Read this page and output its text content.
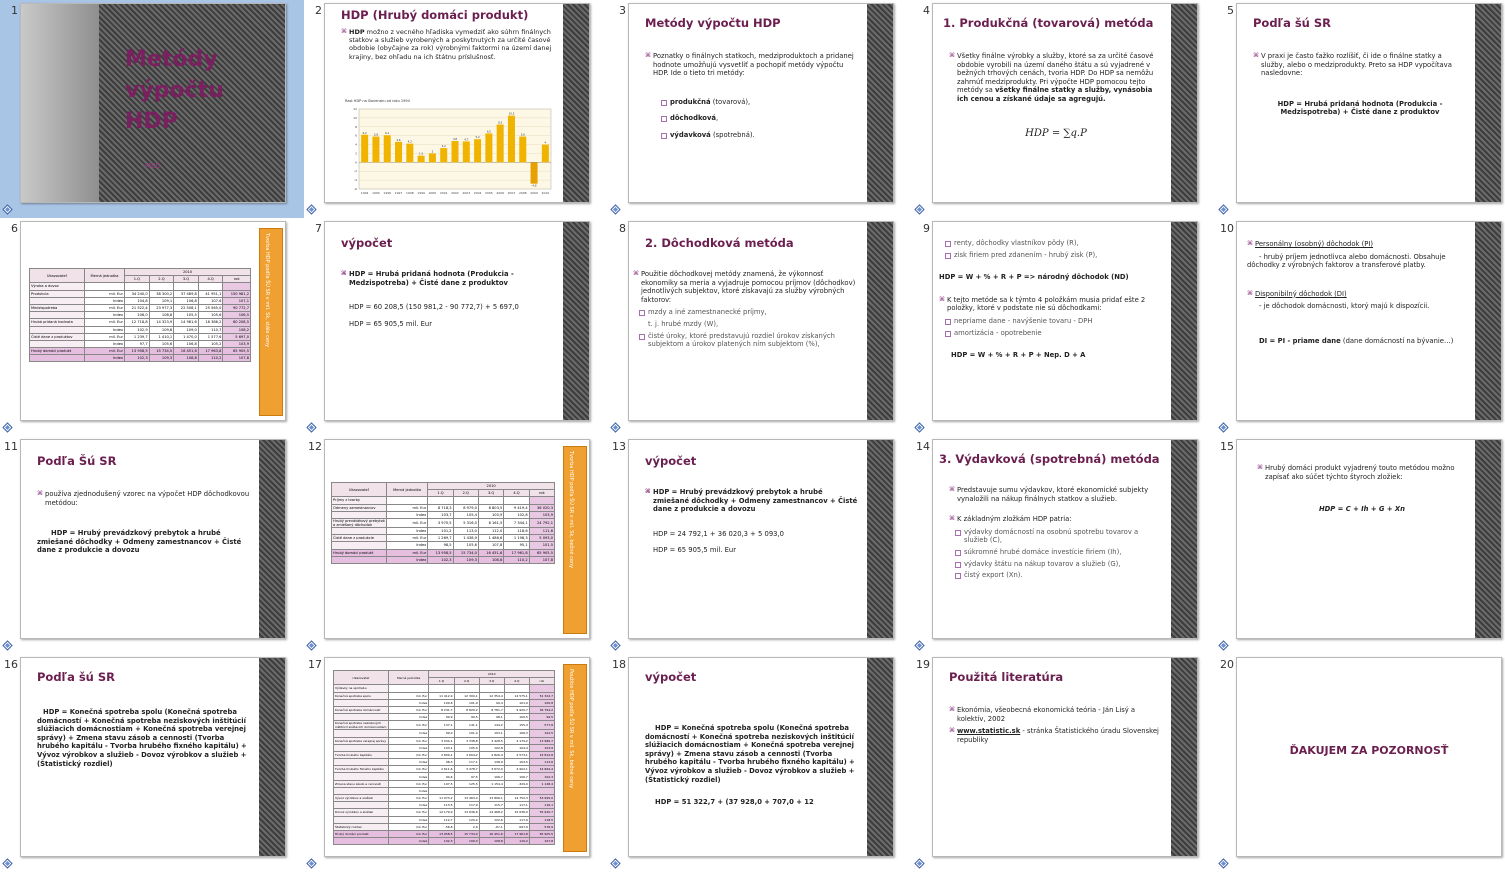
1
Metódy výpočtu HDP
MED
2 HDP (Hrubý domáci produkt)
⌘ HDP možno z vecného hľadiska vymedziť ako súhrn finálnych statkov a služieb vyrobených a poskytnutých za určité časové obdobie (obyčajne za rok) výrobnými faktormi na území danej krajiny, bez ohľadu na ich štátnu príslušnosť.
Rast HDP na Slovensku od roku 1994
-6
-4
-2
0
2
4
6
8
10
12
6,2
1994
5,8
1995
6,1
1996
4,6
1997
4,2
1998
1,5
1999
2
2000
3,2
2001
4,8
2002
4,7
2003
5,2
2004
6,5
2005
8,5
2006
10,5
2007
5,8
2008
-4,8
2009
4
2010
3
Metódy výpočtu HDP
⌘ Poznatky o finálnych statkoch, medziproduktoch a pridanej hodnote umožňujú vysvetliť a pochopiť metódy výpočtu HDP. Ide o tieto tri metódy:
produkčná (tovarová),
dôchodková,
výdavková (spotrebná).
4
1. Produkčná (tovarová) metóda
⌘ Všetky finálne výrobky a služby, ktoré sa za určité časové obdobie vyrobili na území daného štátu a sú vyjadrené v bežných trhových cenách, tvoria HDP. Do HDP sa nemôžu zahrnúť medziprodukty. Pri výpočte HDP pomocou tejto metódy sa všetky finálne statky a služby, vynásobia ich cenou a získané údaje sa agregujú.
HDP = ∑q.P
5
Podľa šú SR
⌘ V praxi je často ťažko rozlíšiť, či ide o finálne statky a služby, alebo o medziprodukty. Preto sa HDP vypočítava nasledovne:
HDP = Hrubá pridaná hodnota (Produkcia - Medzispotreba) + Čisté dane z produktov
6
Tvorba HDP podľa ŠÚ SR v mil. Sk, stále ceny
Ukazovateľ	Merná jednotka	2010				
		1.Q	2.Q	3.Q	4.Q	rok
Výroba a dovoz						
Produkcia	mil. Eur	34 240,0	38 300,2	37 489,8	41 951,1	150 981,2
	Index	104,8	109,1	106,8	107,6	107,1
Medzispotreba	mil. Eur	21 522,4	23 977,3	22 508,1	25 565,0	90 772,7
	Index	106,0	108,8	105,5	105,6	106,5
Hrubá pridaná hodnota	mil. Eur	12 718,8	14 323,9	14 981,6	16 386,2	60 208,5
	Index	102,9	109,8	109,0	110,7	108,2
Čisté dane z produktov	mil. Eur	1 239,7	1 410,1	1 470,0	1 577,6	5 697,0
	Index	97,7	105,6	106,8	105,2	103,9
Hrubý domáci produkt	mil. Eur	13 958,5	15 734,0	16 451,6	17 963,8	65 905,5
	Index	102,3	109,3	108,8	110,2	107,8
7
výpočet
⌘ HDP = Hrubá pridaná hodnota (Produkcia - Medzispotreba) + Čisté dane z produktov
HDP = 60 208,5 (150 981,2 - 90 772,7) + 5 697,0
HDP = 65 905,5 mil. Eur
8
2. Dôchodková metóda
⌘ Použitie dôchodkovej metódy znamená, že výkonnosť ekonomiky sa meria a vyjadruje pomocou príjmov (dôchodkov) jednotlivých subjektov, ktoré získavajú za služby výrobných faktorov:
mzdy a iné zamestnanecké príjmy,
t. j. hrubé mzdy (W),
čisté úroky, ktoré predstavujú rozdiel úrokov získaných subjektom a úrokov platených ním subjektom (%),
9
renty, dôchodky vlastníkov pôdy (R),
zisk firiem pred zdanením - hrubý zisk (P),
HDP = W + % + R + P => národný dôchodok (ND)
⌘ K tejto metóde sa k týmto 4 položkám musia pridať ešte 2 položky, ktoré v podstate nie sú dôchodkami:
nepriame dane - navýšenie tovaru - DPH
amortizácia - opotrebenie
HDP = W + % + R + P + Nep. D + A
10
⌘ Personálny (osobný) dôchodok (PI)
- hrubý príjem jednotlivca alebo domácnosti. Obsahuje dôchodky z výrobných faktorov a transferové platby.
⌘ Disponibilný dôchodok (DI)
- je dôchodok domácnosti, ktorý majú k dispozícii.
DI = PI - priame dane (dane domácností na bývanie…)
11
Podľa Šú SR
⌘ používa zjednodušený vzorec na výpočet HDP dôchodkovou metódou:
HDP = Hrubý prevádzkový prebytok a hrubé zmiešané dôchodky + Odmeny zamestnancov + Čisté dane z produkcie a dovozu
12
Tvorba HDP podľa ŠÚ SR v mil. Sk, bežné ceny
Ukazovateľ	Merná jednotka	2010				
		1.Q	2.Q	3.Q	4.Q	rok
Príjmy z tvorby						
Odmeny zamestnancov	mil. Eur	8 718,3	8 979,0	8 803,5	9 419,4	36 020,3
	Index	103,7	105,4	103,9	102,8	103,9
Hrubý prevádzkový prebytok a zmiešaný dôchodok	mil. Eur	3 970,5	5 316,0	6 161,5	7 344,1	24 792,1
	Index	101,2	113,0	112,0	118,6	111,6
Čisté dane z produkcie	mil. Eur	1 269,7	1 438,9	1 486,6	1 198,3	5 093,0
	Index	98,5	105,6	107,8	95,1	101,5
Hrubý domáci produkt	mil. Eur	13 958,5	15 734,0	16 451,6	17 961,8	65 905,5
	Index	102,3	109,3	108,8	110,2	107,8
13
výpočet
⌘ HDP = Hrubý prevádzkový prebytok a hrubé zmiešané dôchodky + Odmeny zamestnancov + Čisté dane z produkcie a dovozu
HDP = 24 792,1 + 36 020,3 + 5 093,0
HDP = 65 905,5 mil. Eur
14
3. Výdavková (spotrebná) metóda
⌘ Predstavuje sumu výdavkov, ktoré ekonomické subjekty vynaložili na nákup finálnych statkov a služieb.
⌘ K základným zložkám HDP patria:
výdavky domácností na osobnú spotrebu tovarov a služieb (C),
súkromné hrubé domáce investície firiem (Ih),
výdavky štátu na nákup tovarov a služieb (G),
čistý export (Xn).
15
⌘ Hrubý domáci produkt vyjadrený touto metódou možno zapísať ako súčet týchto štyroch zložiek:
HDP = C + Ih + G + Xn
16
Podľa šú SR
HDP = Konečná spotreba spolu (Konečná spotreba domácností + Konečná spotreba neziskových inštitúcií slúžiacich domácnostiam + Konečná spotreba verejnej správy) + Zmena stavu zásob a cennosti (Tvorba hrubého kapitálu - Tvorba hrubého fixného kapitálu) + Vývoz výrobkov a služieb - Dovoz výrobkov a služieb + (Štatistický rozdiel)
17
Použitie HDP podľa ŠÚ SR v mil. Sk, bežné ceny
Ukazovateľ	Merná jednotka	2010				
		1.Q	2.Q	3.Q	4.Q	rok
Výdavky na spotrebu						
Konečná spotreba spolu	mil. Eur	11 412,9	12 300,1	12 354,4	14 575,1	51 322,7
	Index	100,8	101,0	99,4	101,9	100,8
Konečná spotreba domácností	mil. Eur	8 241,7	8 820,2	8 781,7	9 920,7	36 764,2
	Index	99,9	99,5	98,1	100,5	99,5
Konečná spotreba neziskových inštitúcií slúžiacich domácnostiam	mil. Eur	137,1	141,1	144,2	155,4	577,8
	Index	99,0	101,4	103,1	106,3	102,5
Konečná spotreba verejnej správy	mil. Eur	3 034,1	3 338,8	3 428,5	4 179,2	13 980,7
	Index	103,1	105,0	102,8	104,4	103,9
Tvorba hrubého kapitálu	mil. Eur	2 809,1	3 604,2	4 826,4	4 573,1	15 812,8
	Index	98,3	117,1	138,9	104,5	113,6
Tvorba hrubého fixného kapitálu	mil. Eur	2 611,6	3 478,7	3 672,0	4 902,1	14 664,4
	Index	94,6	97,5	106,7	106,7	102,3
Zmena stavu zásob a cenností	mil. Eur	197,5	125,5	1 154,4	-329,0	1 148,4
	Index					
Vývoz výrobkov a služieb	mil. Eur	11 973,2	13 463,4	13 806,1	14 752,3	53 995,0
	Index	113,5	117,9	115,7	117,1	116,1
Dovoz výrobkov a služieb	mil. Eur	12 179,9	13 636,6	14 468,2	15 636,0	55 920,7
	Index	112,7	120,2	122,6	117,9	118,5
Štatistický rozdiel	mil. Eur	-56,8	2,9	-67,1	697,9	576,9
Hrubý domáci produkt	mil. Eur	13 958,5	15 734,0	16 451,6	17 961,8	65 905,5
	Index	102,3	109,3	108,8	110,2	107,8
18
výpočet
HDP = Konečná spotreba spolu (Konečná spotreba domácností + Konečná spotreba neziskových inštitúcií slúžiacich domácnostiam + Konečná spotreba verejnej správy) + Zmena stavu zásob a cennosti (Tvorba hrubého kapitálu - Tvorba hrubého fixného kapitálu) + Vývoz výrobkov a služieb - Dovoz výrobkov a služieb + (Štatistický rozdiel)
HDP = 51 322,7 + (37 928,0 + 707,0 + 12
19
Použitá literatúra
⌘ Ekonómia, všeobecná ekonomická teória - Ján Lisý a kolektív, 2002
⌘ www.statistic.sk - stránka Štatistického úradu Slovenskej republiky
20
ĎAKUJEM ZA POZORNOSŤ
